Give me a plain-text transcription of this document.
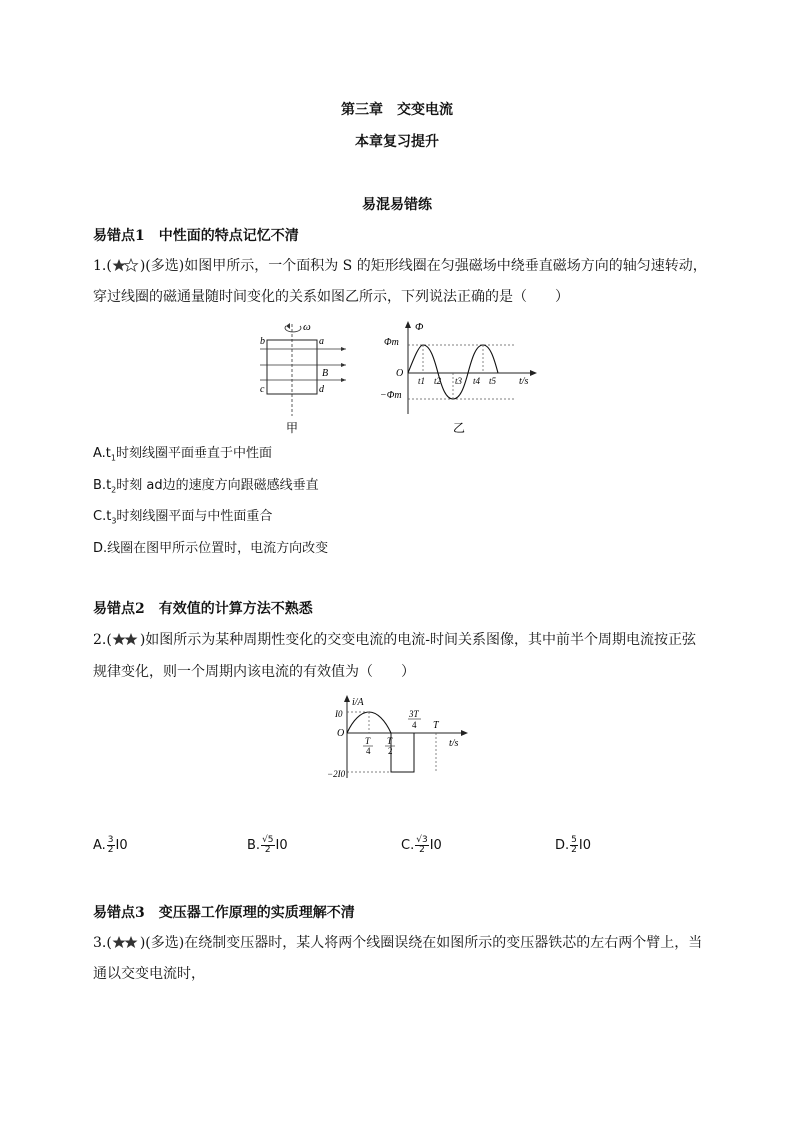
第三章　交变电流
本章复习提升
易混易错练
易错点1　 中性面的特点记忆不清
1.( )(多选)如图甲所示，一个面积为 S 的矩形线圈在匀强磁场中绕垂直磁场方向的轴匀速转动，
穿过线圈的磁通量随时间变化的关系如图乙所示，下列说法正确的是（　　）
ω
b	a
c	d
B
甲
Φ
Φm
−Φm
O
t/s
t1 t2 t3 t4 t5
乙
$A.t_1$时刻线圈平面垂直于中性面
$B.t_2$时刻 ad边的速度方向跟磁感线垂直
$C.t_3$时刻线圈平面与中性面重合
D.线圈在图甲所示位置时，电流方向改变
易错点2　 有效值的计算方法不熟悉
2.( )如图所示为某种周期性变化的交变电流的电流-时间关系图像，其中前半个周期电流按正弦
规律变化，则一个周期内该电流的有效值为（　　）
i/A
t/s
O
I0
−2I0
T
4
T
2
3T
4 T
A. $\frac{3}{2} I0$	B. $\frac{√5}{2} I0$	C. $\frac{√3}{2} I0$	D. $\frac{5}{2} I0$
易错点3　 变压器工作原理的实质理解不清
3.( )(多选)在绕制变压器时，某人将两个线圈误绕在如图所示的变压器铁芯的左右两个臂上，当
通以交变电流时，
